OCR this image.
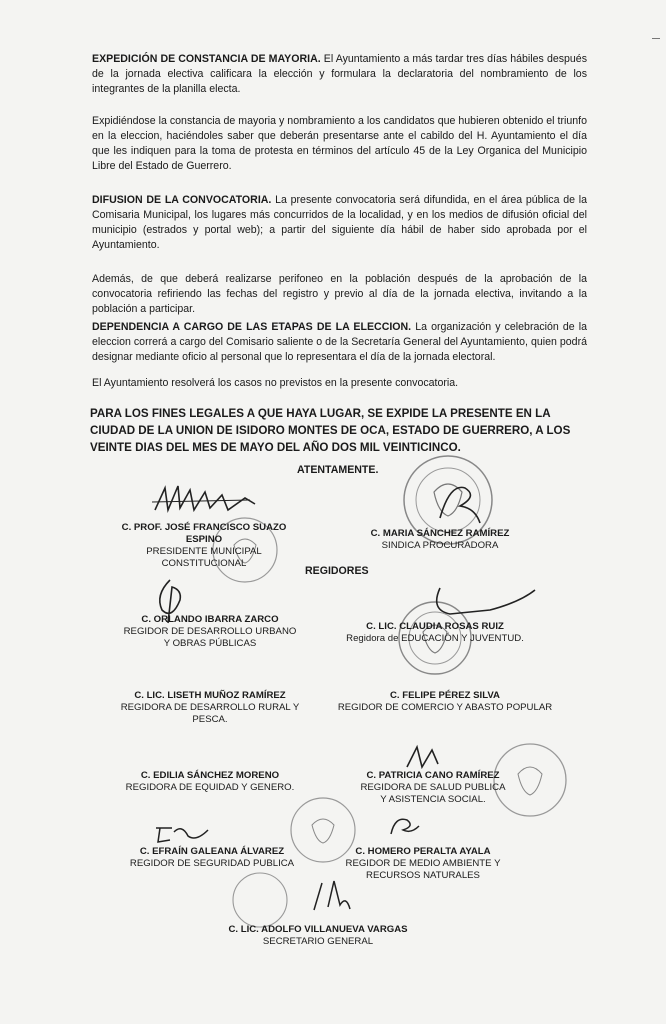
EXPEDICIÓN DE CONSTANCIA DE MAYORIA. El Ayuntamiento a más tardar tres días hábiles después de la jornada electiva calificara la elección y formulara la declaratoria del nombramiento de los integrantes de la planilla electa.
Expidiéndose la constancia de mayoria y nombramiento a los candidatos que hubieren obtenido el triunfo en la eleccion, haciéndoles saber que deberán presentarse ante el cabildo del H. Ayuntamiento el día que les indiquen para la toma de protesta en términos del artículo 45 de la Ley Organica del Municipio Libre del Estado de Guerrero.
DIFUSION DE LA CONVOCATORIA. La presente convocatoria será difundida, en el área pública de la Comisaria Municipal, los lugares más concurridos de la localidad, y en los medios de difusión oficial del municipio (estrados y portal web); a partir del siguiente día hábil de haber sido aprobada por el Ayuntamiento.
Además, de que deberá realizarse perifoneo en la población después de la aprobación de la convocatoria refiriendo las fechas del registro y previo al día de la jornada electiva, invitando a la población a participar.
DEPENDENCIA A CARGO DE LAS ETAPAS DE LA ELECCION. La organización y celebración de la eleccion correrá a cargo del Comisario saliente o de la Secretaría General del Ayuntamiento, quien podrá designar mediante oficio al personal que lo representara el día de la jornada electoral.
El Ayuntamiento resolverá los casos no previstos en la presente convocatoria.
PARA LOS FINES LEGALES A QUE HAYA LUGAR, SE EXPIDE LA PRESENTE EN LA CIUDAD DE LA UNION DE ISIDORO MONTES DE OCA, ESTADO DE GUERRERO, A LOS VEINTE DIAS DEL MES DE MAYO DEL AÑO DOS MIL VEINTICINCO.
ATENTAMENTE.
REGIDORES
C. PROF. JOSÉ FRANCISCO SUAZO ESPINO
PRESIDENTE MUNICIPAL CONSTITUCIONAL
C. MARIA SÁNCHEZ RAMÍREZ
SINDICA PROCURADORA
C. ORLANDO IBARRA ZARCO
REGIDOR DE DESARROLLO URBANO Y OBRAS PÚBLICAS
C. LIC. CLAUDIA ROSAS RUIZ
Regidora de EDUCACIÓN Y JUVENTUD.
C. LIC. LISETH MUÑOZ RAMÍREZ
REGIDORA DE DESARROLLO RURAL Y PESCA.
C. FELIPE PÉREZ SILVA
REGIDOR DE COMERCIO Y ABASTO POPULAR
C. EDILIA SÁNCHEZ MORENO
REGIDORA DE EQUIDAD Y GENERO.
C. PATRICIA CANO RAMÍREZ
REGIDORA DE SALUD PUBLICA Y ASISTENCIA SOCIAL.
C. EFRAÍN GALEANA ÁLVAREZ
REGIDOR DE SEGURIDAD PUBLICA
C. HOMERO PERALTA AYALA
REGIDOR DE MEDIO AMBIENTE Y RECURSOS NATURALES
C. LIC. ADOLFO VILLANUEVA VARGAS
SECRETARIO GENERAL
